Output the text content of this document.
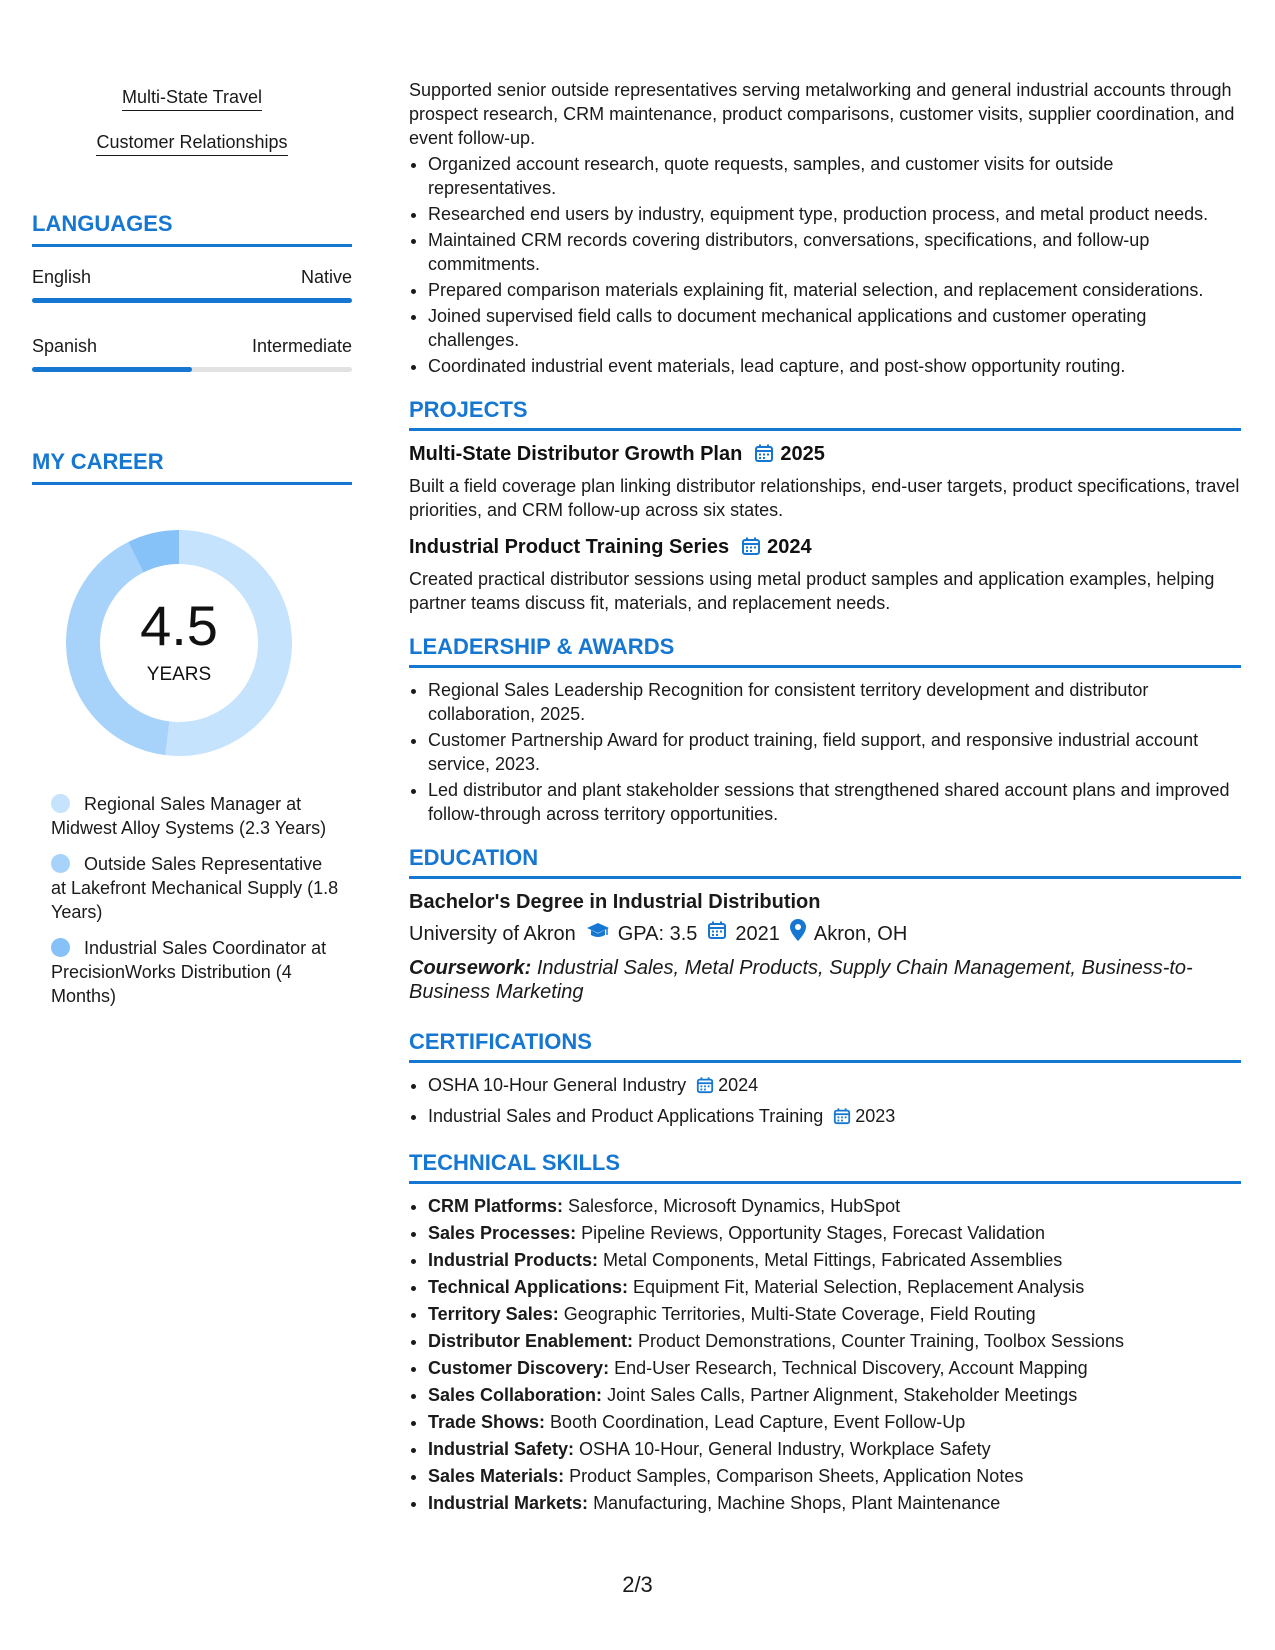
Multi-State Travel
Customer Relationships
LANGUAGES
English	Native
Spanish	Intermediate
MY CAREER
4.5
YEARS
Regional Sales Manager at Midwest Alloy Systems (2.3 Years)
Outside Sales Representative at Lakefront Mechanical Supply (1.8 Years)
Industrial Sales Coordinator at PrecisionWorks Distribution (4 Months)

Supported senior outside representatives serving metalworking and general industrial accounts through prospect research, CRM maintenance, product comparisons, customer visits, supplier coordination, and event follow-up.

• Organized account research, quote requests, samples, and customer visits for outside representatives.
• Researched end users by industry, equipment type, production process, and metal product needs.
• Maintained CRM records covering distributors, conversations, specifications, and follow-up commitments.
• Prepared comparison materials explaining fit, material selection, and replacement considerations.
• Joined supervised field calls to document mechanical applications and customer operating challenges.
• Coordinated industrial event materials, lead capture, and post-show opportunity routing.
PROJECTS
Multi-State Distributor Growth Plan 2025

Built a field coverage plan linking distributor relationships, end-user targets, product specifications, travel priorities, and CRM follow-up across six states.

Industrial Product Training Series 2024

Created practical distributor sessions using metal product samples and application examples, helping partner teams discuss fit, materials, and replacement needs.

LEADERSHIP & AWARDS
• Regional Sales Leadership Recognition for consistent territory development and distributor collaboration, 2025.
• Customer Partnership Award for product training, field support, and responsive industrial account service, 2023.
• Led distributor and plant stakeholder sessions that strengthened shared account plans and improved follow-through across territory opportunities.
EDUCATION
Bachelor's Degree in Industrial Distribution
University of Akron GPA: 3.5 2021 Akron, OH
Coursework: Industrial Sales, Metal Products, Supply Chain Management, Business-to-Business Marketing
CERTIFICATIONS
• OSHA 10-Hour General Industry 2024
• Industrial Sales and Product Applications Training 2023
TECHNICAL SKILLS
• CRM Platforms: Salesforce, Microsoft Dynamics, HubSpot
• Sales Processes: Pipeline Reviews, Opportunity Stages, Forecast Validation
• Industrial Products: Metal Components, Metal Fittings, Fabricated Assemblies
• Technical Applications: Equipment Fit, Material Selection, Replacement Analysis
• Territory Sales: Geographic Territories, Multi-State Coverage, Field Routing
• Distributor Enablement: Product Demonstrations, Counter Training, Toolbox Sessions
• Customer Discovery: End-User Research, Technical Discovery, Account Mapping
• Sales Collaboration: Joint Sales Calls, Partner Alignment, Stakeholder Meetings
• Trade Shows: Booth Coordination, Lead Capture, Event Follow-Up
• Industrial Safety: OSHA 10-Hour, General Industry, Workplace Safety
• Sales Materials: Product Samples, Comparison Sheets, Application Notes
• Industrial Markets: Manufacturing, Machine Shops, Plant Maintenance
2/3
